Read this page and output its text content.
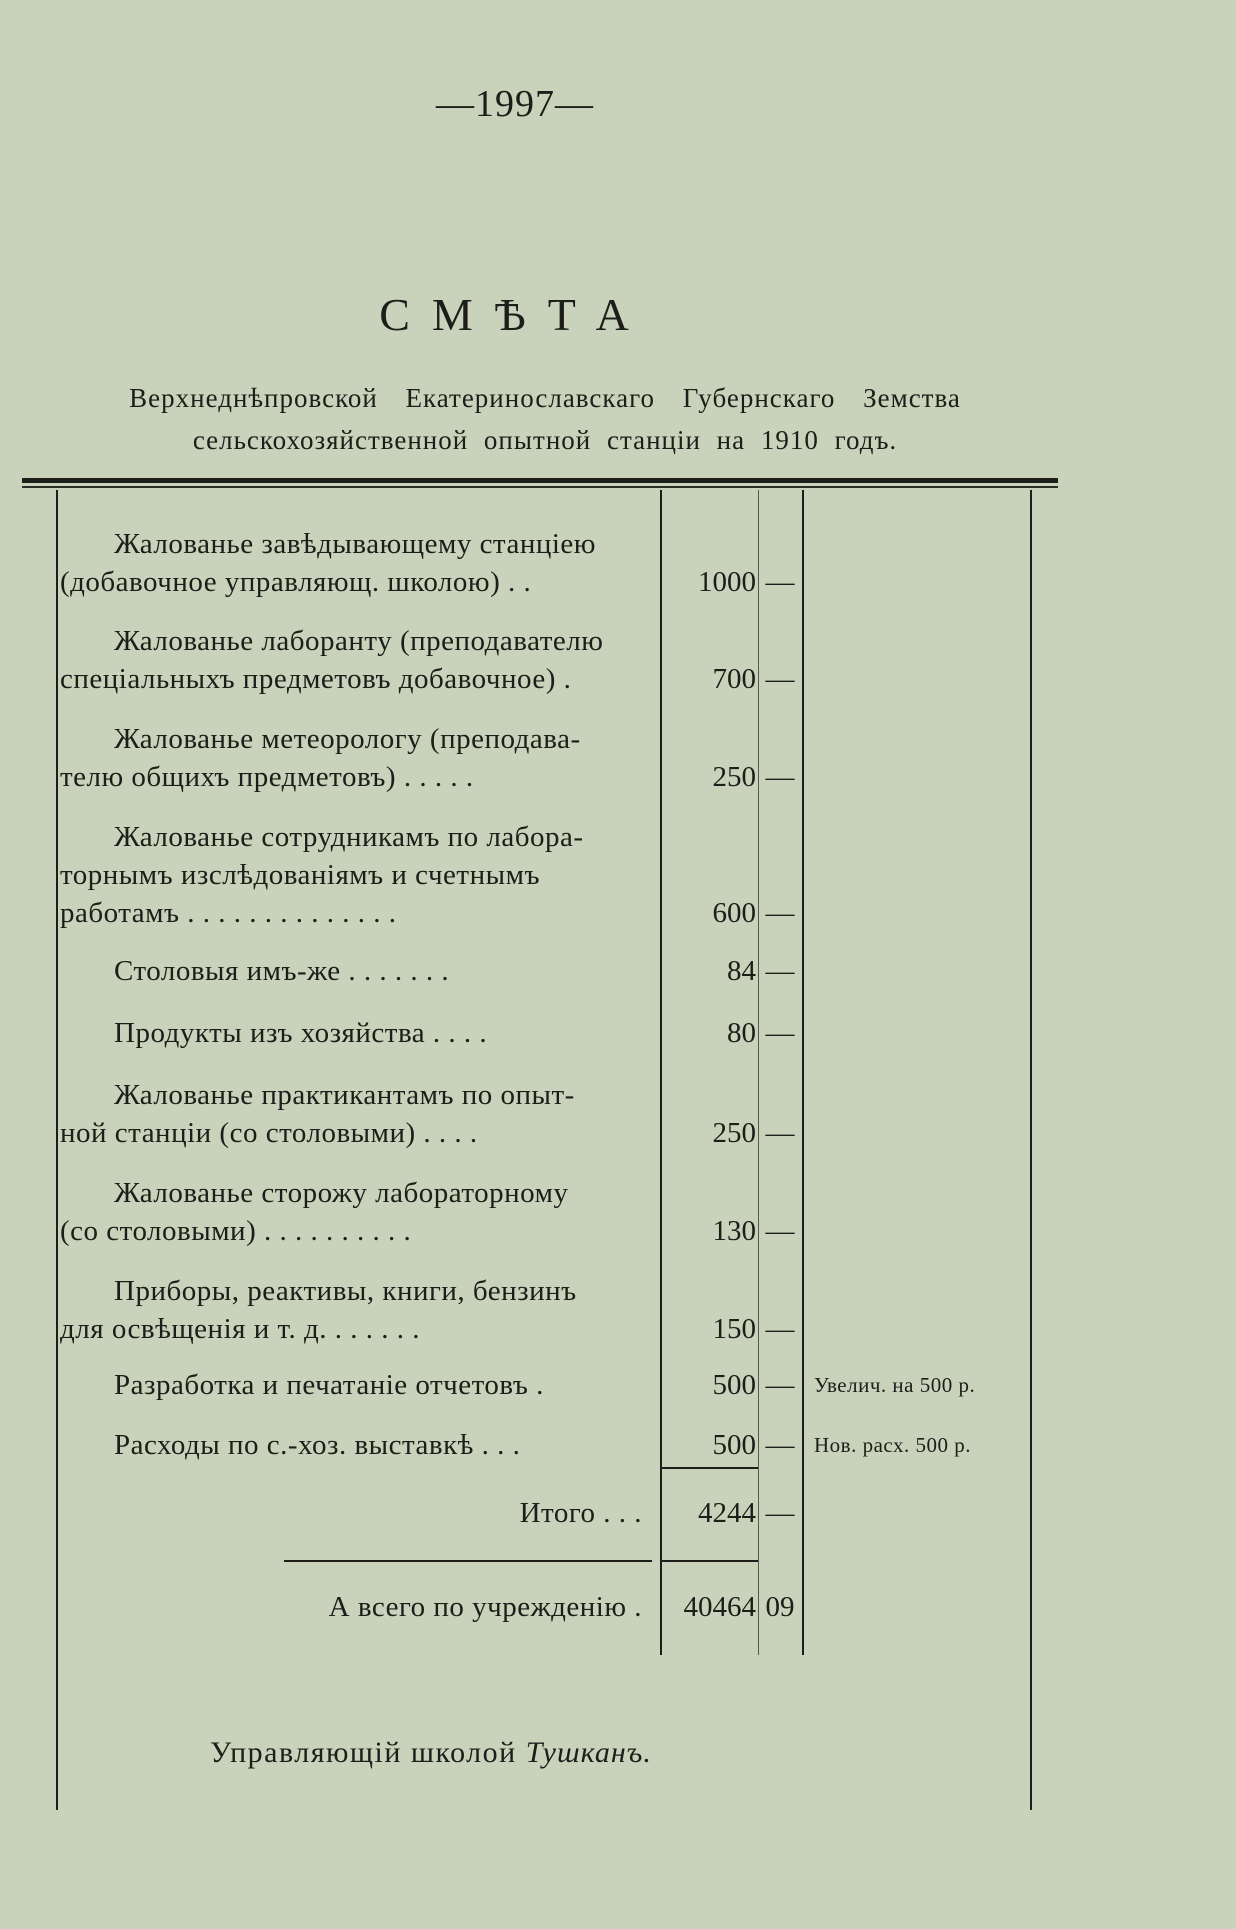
—1997—
СМѢТА
Верхнеднѣпровской Екатеринославскаго Губернскаго Земства
сельскохозяйственной опытной станціи на 1910 годъ.
Жалованье завѣдывающему станціею
(добавочное управляющ. школою) . .	1000 —
Жалованье лаборанту (преподавателю
спеціальныхъ предметовъ добавочное) .	700 —
Жалованье метеорологу (преподава-
телю общихъ предметовъ) . . . . .	250 —
Жалованье сотрудникамъ по лабора-
торнымъ изслѣдованіямъ и счетнымъ
работамъ . . . . . . . . . . . . . .	600 —
Столовыя имъ-же . . . . . . .	84 —
Продукты изъ хозяйства . . . .	80 —
Жалованье практикантамъ по опыт-
ной станціи (со столовыми) . . . .	250 —
Жалованье сторожу лабораторному
(со столовыми) . . . . . . . . . .	130 —
Приборы, реактивы, книги, бензинъ
для освѣщенія и т. д. . . . . . .	150 —
Разработка и печатаніе отчетовъ .	500 — Увелич. на 500 р.
Расходы по с.-хоз. выставкѣ . . .	500 — Нов. расх. 500 р.
Итого . . .	4244 —
А всего по учрежденію .	40464 09
Управляющій школой Тушканъ.
